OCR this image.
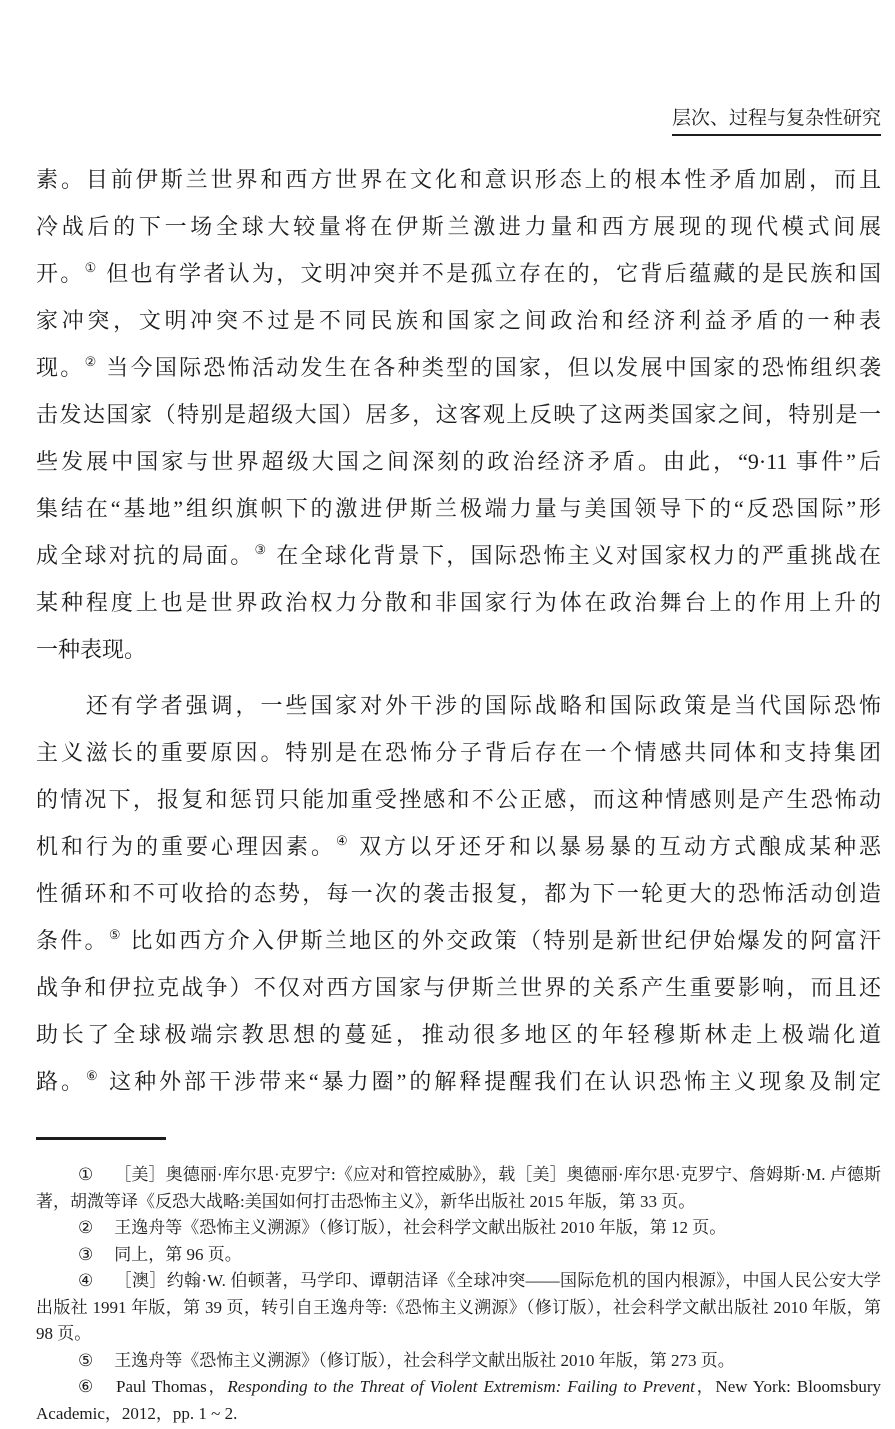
层次、过程与复杂性研究
素。目前伊斯兰世界和西方世界在文化和意识形态上的根本性矛盾加剧，而且
冷战后的下一场全球大较量将在伊斯兰激进力量和西方展现的现代模式间展
开。① 但也有学者认为，文明冲突并不是孤立存在的，它背后蕴藏的是民族和国
家冲突，文明冲突不过是不同民族和国家之间政治和经济利益矛盾的一种表
现。② 当今国际恐怖活动发生在各种类型的国家，但以发展中国家的恐怖组织袭
击发达国家（特别是超级大国）居多，这客观上反映了这两类国家之间，特别是一
些发展中国家与世界超级大国之间深刻的政治经济矛盾。由此，“9·11 事件”后
集结在“基地”组织旗帜下的激进伊斯兰极端力量与美国领导下的“反恐国际”形
成全球对抗的局面。③ 在全球化背景下，国际恐怖主义对国家权力的严重挑战在
某种程度上也是世界政治权力分散和非国家行为体在政治舞台上的作用上升的
一种表现。
　　还有学者强调，一些国家对外干涉的国际战略和国际政策是当代国际恐怖
主义滋长的重要原因。特别是在恐怖分子背后存在一个情感共同体和支持集团
的情况下，报复和惩罚只能加重受挫感和不公正感，而这种情感则是产生恐怖动
机和行为的重要心理因素。④ 双方以牙还牙和以暴易暴的互动方式酿成某种恶
性循环和不可收拾的态势，每一次的袭击报复，都为下一轮更大的恐怖活动创造
条件。⑤ 比如西方介入伊斯兰地区的外交政策（特别是新世纪伊始爆发的阿富汗
战争和伊拉克战争）不仅对西方国家与伊斯兰世界的关系产生重要影响，而且还
助长了全球极端宗教思想的蔓延，推动很多地区的年轻穆斯林走上极端化道
路。⑥ 这种外部干涉带来“暴力圈”的解释提醒我们在认识恐怖主义现象及制定
① ［美］奥德丽·库尔思·克罗宁:《应对和管控威胁》，载［美］奥德丽·库尔思·克罗宁、詹姆斯·M. 卢德斯著，胡溦等译《反恐大战略:美国如何打击恐怖主义》，新华出版社 2015 年版，第 33 页。
② 王逸舟等《恐怖主义溯源》（修订版），社会科学文献出版社 2010 年版，第 12 页。
③ 同上，第 96 页。
④ ［澳］约翰·W. 伯顿著，马学印、谭朝洁译《全球冲突——国际危机的国内根源》，中国人民公安大学出版社 1991 年版，第 39 页，转引自王逸舟等:《恐怖主义溯源》（修订版），社会科学文献出版社 2010 年版，第 98 页。
⑤ 王逸舟等《恐怖主义溯源》（修订版），社会科学文献出版社 2010 年版，第 273 页。
⑥ Paul Thomas，Responding to the Threat of Violent Extremism: Failing to Prevent，New York: Bloomsbury Academic，2012，pp. 1 ~ 2.
